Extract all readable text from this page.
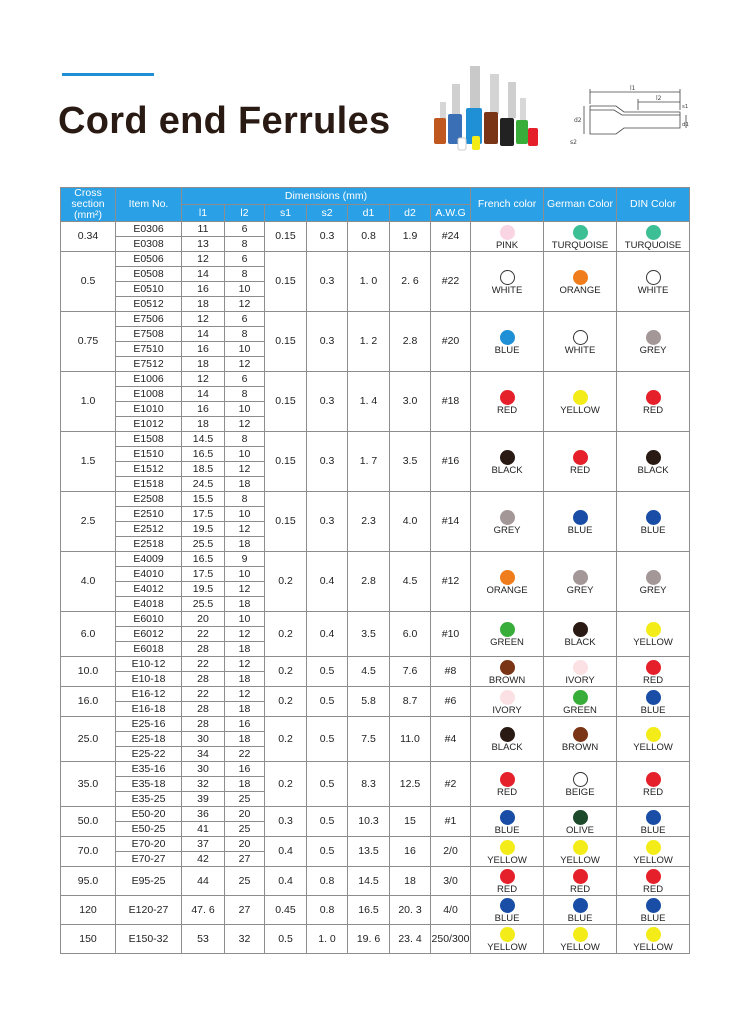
Cord end Ferrules
l1
l2
s1
d2
d1
s2
Cross section (mm²)	Item No.	Dimensions (mm)							French color	German Color	DIN Color
		l1	l2	s1	s2	d1	d2	A.W.G			
0.34	E0306	11	6	0.15	0.3	0.8	1.9	#24	PINK	TURQUOISE	TURQUOISE

	E0308	13	8								
0.5	E0506	12	6	0.15	0.3	1. 0	2. 6	#22	WHITE	ORANGE	WHITE

	E0508	14	8								
	E0510	16	10								
	E0512	18	12								
0.75	E7506	12	6	0.15	0.3	1. 2	2.8	#20	BLUE	WHITE	GREY

	E7508	14	8								
	E7510	16	10								
	E7512	18	12								
1.0	E1006	12	6	0.15	0.3	1. 4	3.0	#18	RED	YELLOW	RED

	E1008	14	8								
	E1010	16	10								
	E1012	18	12								
1.5	E1508	14.5	8	0.15	0.3	1. 7	3.5	#16	BLACK	RED	BLACK

	E1510	16.5	10								
	E1512	18.5	12								
	E1518	24.5	18								
2.5	E2508	15.5	8	0.15	0.3	2.3	4.0	#14	GREY	BLUE	BLUE

	E2510	17.5	10								
	E2512	19.5	12								
	E2518	25.5	18								
4.0	E4009	16.5	9	0.2	0.4	2.8	4.5	#12	ORANGE	GREY	GREY

	E4010	17.5	10								
	E4012	19.5	12								
	E4018	25.5	18								
6.0	E6010	20	10	0.2	0.4	3.5	6.0	#10	GREEN	BLACK	YELLOW

	E6012	22	12								
	E6018	28	18								
10.0	E10-12	22	12	0.2	0.5	4.5	7.6	#8	BROWN	IVORY	RED

	E10-18	28	18								
16.0	E16-12	22	12	0.2	0.5	5.8	8.7	#6	IVORY	GREEN	BLUE

	E16-18	28	18								
25.0	E25-16	28	16	0.2	0.5	7.5	11.0	#4	BLACK	BROWN	YELLOW

	E25-18	30	18								
	E25-22	34	22								
35.0	E35-16	30	16	0.2	0.5	8.3	12.5	#2	RED	BEIGE	RED

	E35-18	32	18								
	E35-25	39	25								
50.0	E50-20	36	20	0.3	0.5	10.3	15	#1	BLUE	OLIVE	BLUE

	E50-25	41	25								
70.0	E70-20	37	20	0.4	0.5	13.5	16	2/0	YELLOW	YELLOW	YELLOW

	E70-27	42	27								
95.0	E95-25	44	25	0.4	0.8	14.5	18	3/0	RED	RED	RED

120	E120-27	47. 6	27	0.45	0.8	16.5	20. 3	4/0	BLUE	BLUE	BLUE

150	E150-32	53	32	0.5	1. 0	19. 6	23. 4	250/300	YELLOW	YELLOW	YELLOW
